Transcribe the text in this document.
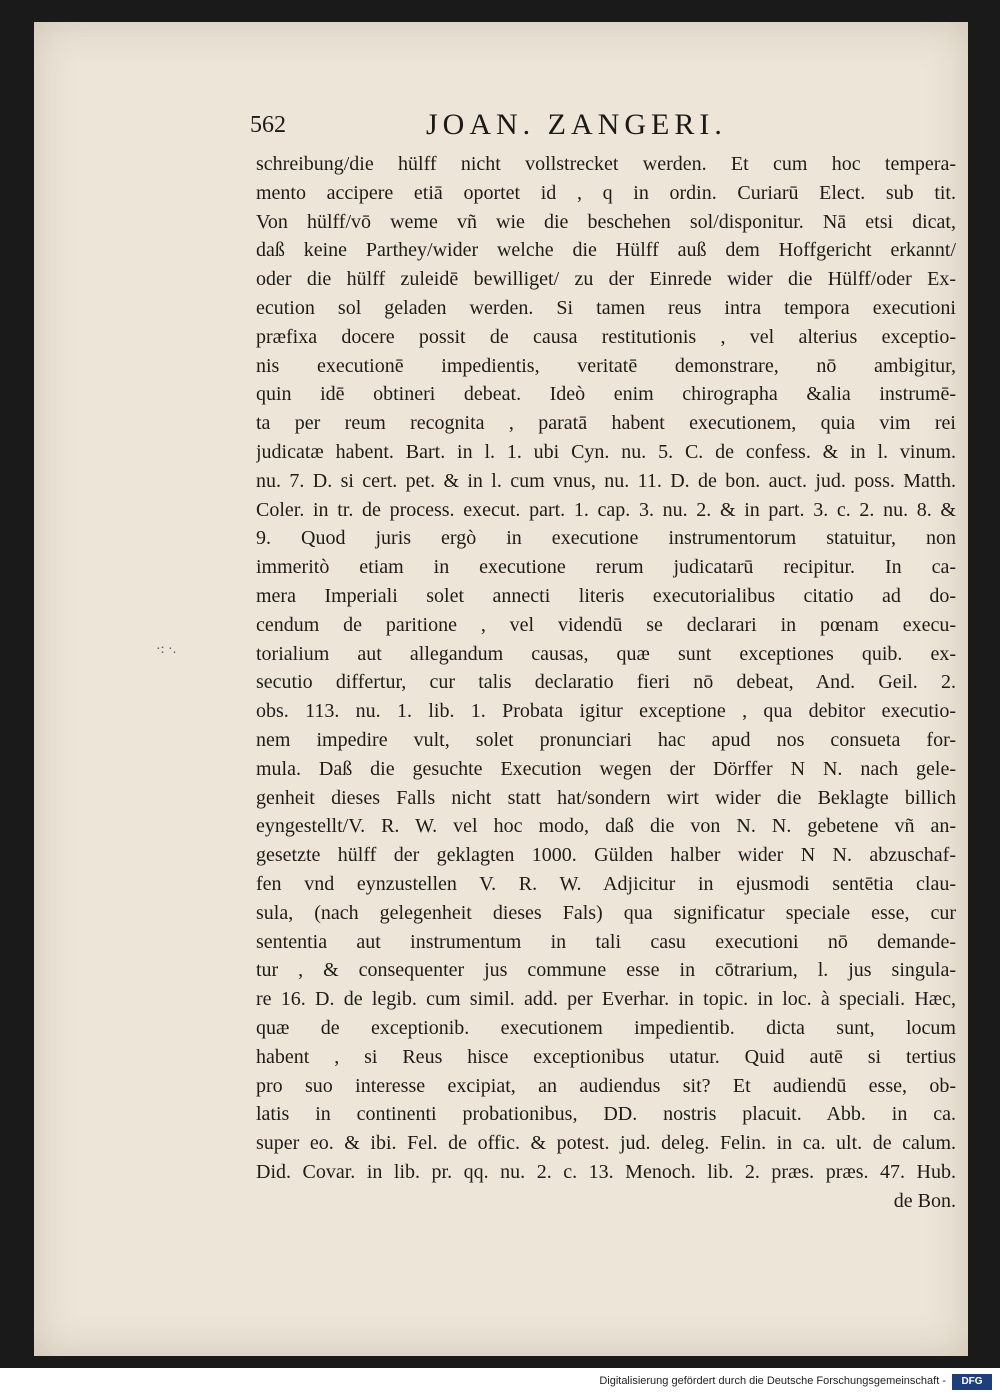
562	JOAN. ZANGERI.
·: ·.
schreibung/die hülff nicht vollstrecket werden. Et cum hoc tempera-
mento accipere etiā oportet id , q in ordin. Curiarū Elect. sub tit.
Von hülff/vō weme vñ wie die beschehen sol/disponitur. Nā etsi dicat,
daß keine Parthey/wider welche die Hülff auß dem Hoffgericht erkannt/
oder die hülff zuleidē bewilliget/ zu der Einrede wider die Hülff/oder Ex-
ecution sol geladen werden. Si tamen reus intra tempora executioni
præfixa docere possit de causa restitutionis , vel alterius exceptio-
nis executionē impedientis, veritatē demonstrare, nō ambigitur,
quin idē obtineri debeat. Ideò enim chirographa &alia instrumē-
ta per reum recognita , paratā habent executionem, quia vim rei
judicatæ habent. Bart. in l. 1. ubi Cyn. nu. 5. C. de confess. & in l. vinum.
nu. 7. D. si cert. pet. & in l. cum vnus, nu. 11. D. de bon. auct. jud. poss. Matth.
Coler. in tr. de process. execut. part. 1. cap. 3. nu. 2. & in part. 3. c. 2. nu. 8. &
9. Quod juris ergò in executione instrumentorum statuitur, non
immeritò etiam in executione rerum judicatarū recipitur. In ca-
mera Imperiali solet annecti literis executorialibus citatio ad do-
cendum de paritione , vel videndū se declarari in pœnam execu-
torialium aut allegandum causas, quæ sunt exceptiones quib. ex-
secutio differtur, cur talis declaratio fieri nō debeat, And. Geil. 2.
obs. 113. nu. 1. lib. 1. Probata igitur exceptione , qua debitor executio-
nem impedire vult, solet pronunciari hac apud nos consueta for-
mula. Daß die gesuchte Execution wegen der Dörffer N N. nach gele-
genheit dieses Falls nicht statt hat/sondern wirt wider die Beklagte billich
eyngestellt/V. R. W. vel hoc modo, daß die von N. N. gebetene vñ an-
gesetzte hülff der geklagten 1000. Gülden halber wider N N. abzuschaf-
fen vnd eynzustellen V. R. W. Adjicitur in ejusmodi sentētia clau-
sula, (nach gelegenheit dieses Fals) qua significatur speciale esse, cur
sententia aut instrumentum in tali casu executioni nō demande-
tur , & consequenter jus commune esse in cōtrarium, l. jus singula-
re 16. D. de legib. cum simil. add. per Everhar. in topic. in loc. à speciali. Hæc,
quæ de exceptionib. executionem impedientib. dicta sunt, locum
habent , si Reus hisce exceptionibus utatur. Quid autē si tertius
pro suo interesse excipiat, an audiendus sit? Et audiendū esse, ob-
latis in continenti probationibus, DD. nostris placuit. Abb. in ca.
super eo. & ibi. Fel. de offic. & potest. jud. deleg. Felin. in ca. ult. de calum.
Did. Covar. in lib. pr. qq. nu. 2. c. 13. Menoch. lib. 2. præs. præs. 47. Hub.
de Bon.
Digitalisierung gefördert durch die Deutsche Forschungsgemeinschaft -	DFG
